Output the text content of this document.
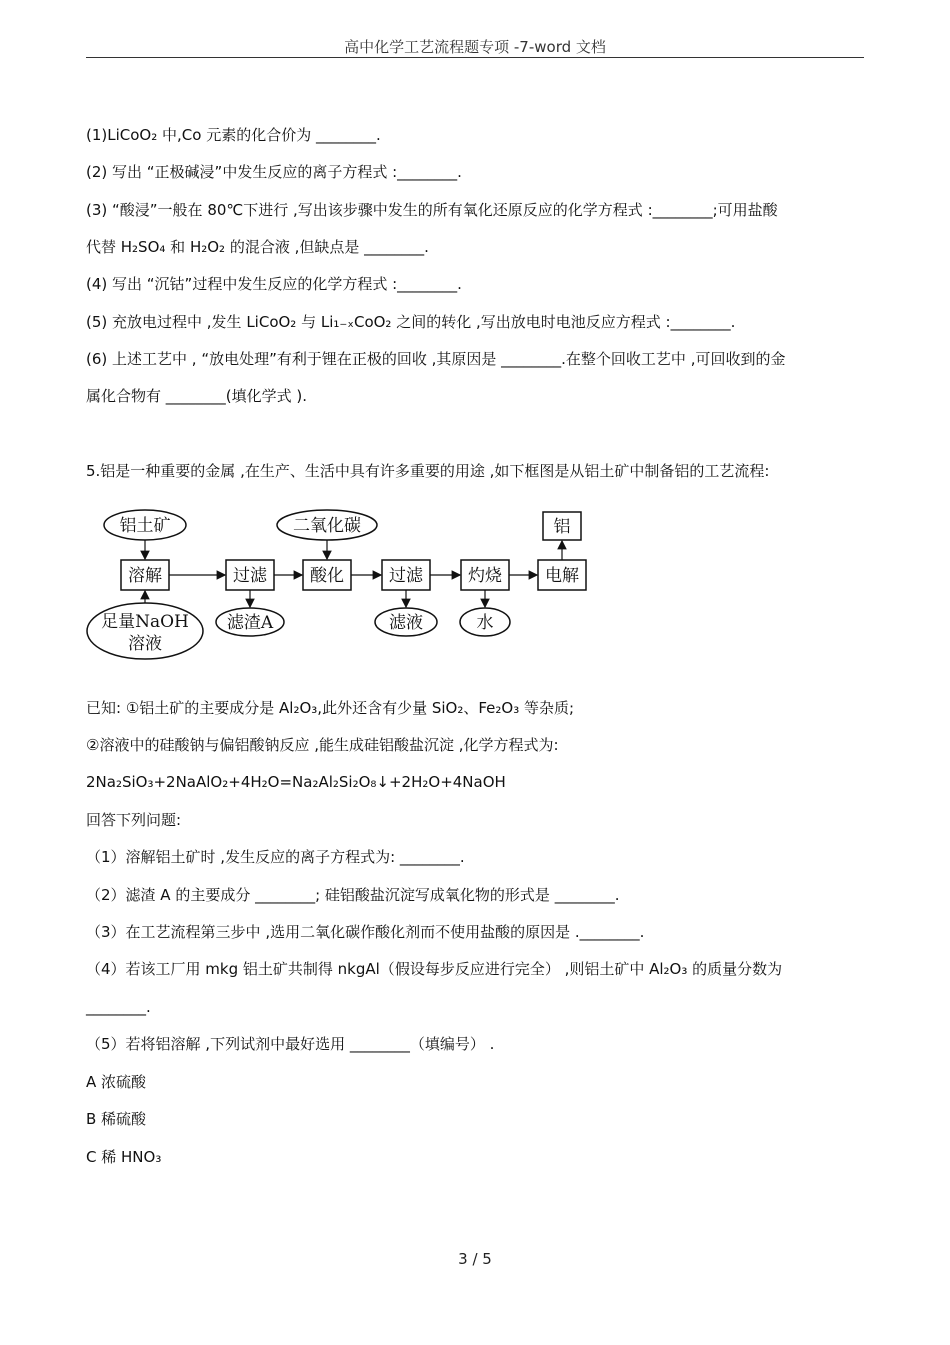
高中化学工艺流程题专项 -7-word 文档
(1)LiCoO₂ 中,Co 元素的化合价为 ________.
(2) 写出 “正极碱浸”中发生反应的离子方程式 :________.
(3) “酸浸”一般在 80℃下进行 ,写出该步骤中发生的所有氧化还原反应的化学方程式 :________;可用盐酸
代替 H₂SO₄ 和 H₂O₂ 的混合液 ,但缺点是 ________.
(4) 写出 “沉钴”过程中发生反应的化学方程式 :________.
(5) 充放电过程中 ,发生 LiCoO₂ 与 Li₁₋ₓCoO₂ 之间的转化 ,写出放电时电池反应方程式 :________.
(6) 上述工艺中 , “放电处理”有利于锂在正极的回收 ,其原因是 ________.在整个回收工艺中 ,可回收到的金
属化合物有 ________(填化学式 ).
5.铝是一种重要的金属 ,在生产、生活中具有许多重要的用途 ,如下框图是从铝土矿中制备铝的工艺流程:
已知: ①铝土矿的主要成分是 Al₂O₃,此外还含有少量 SiO₂、Fe₂O₃ 等杂质;
②溶液中的硅酸钠与偏铝酸钠反应 ,能生成硅铝酸盐沉淀 ,化学方程式为:
2Na₂SiO₃+2NaAlO₂+4H₂O=Na₂Al₂Si₂O₈↓+2H₂O+4NaOH
回答下列问题:
（1）溶解铝土矿时 ,发生反应的离子方程式为: ________.
（2）滤渣 A 的主要成分 ________; 硅铝酸盐沉淀写成氧化物的形式是 ________.
（3）在工艺流程第三步中 ,选用二氧化碳作酸化剂而不使用盐酸的原因是 .________.
（4）若该工厂用 mkg 铝土矿共制得 nkgAl（假设每步反应进行完全） ,则铝土矿中 Al₂O₃ 的质量分数为
________.
（5）若将铝溶解 ,下列试剂中最好选用 ________（填编号） .
A 浓硫酸
B 稀硫酸
C 稀 HNO₃
溶解	过滤	酸化	过滤	灼烧	电解
铝土矿
足量NaOH
溶液
滤渣A
二氧化碳
滤液	水
铝
3 / 5
